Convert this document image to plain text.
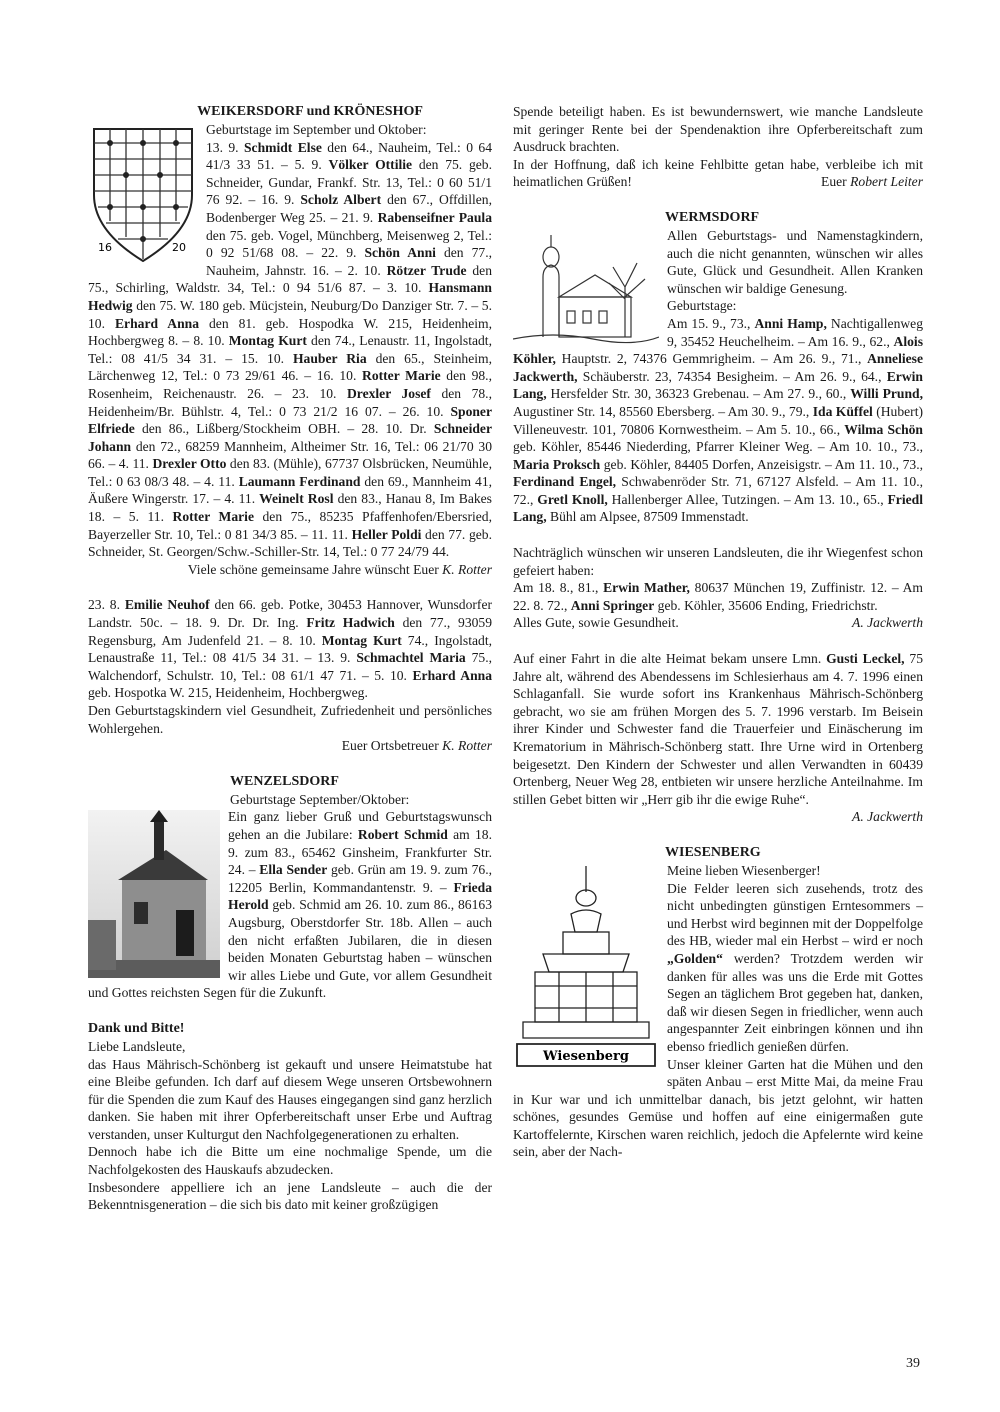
WEIKERSDORF und KRÖNESHOF
16	20

Geburtstage im September und Oktober:

13. 9. Schmidt Else den 64., Nauheim, Tel.: 0 64 41/3 33 51. – 5. 9. Völker Ottilie den 75. geb. Schneider, Gundar, Frankf. Str. 13, Tel.: 0 60 51/1 76 92. – 16. 9. Scholz Albert den 67., Offdillen, Bodenberger Weg 25. – 21. 9. Rabenseifner Paula den 75. geb. Vogel, Münchberg, Meisenweg 2, Tel.: 0 92 51/68 08. – 22. 9. Schön Anni den 77., Nauheim, Jahnstr. 16. – 2. 10. Rötzer Trude den 75., Schirling, Waldstr. 34, Tel.: 0 94 51/6 87. – 3. 10. Hansmann Hedwig den 75. W. 180 geb. Mücjstein, Neuburg/Do Danziger Str. 7. – 5. 10. Erhard Anna den 81. geb. Hospodka W. 215, Heidenheim, Hochbergweg 8. – 8. 10. Montag Kurt den 74., Lenaustr. 11, Ingolstadt, Tel.: 08 41/5 34 31. – 15. 10. Hauber Ria den 65., Steinheim, Lärchenweg 12, Tel.: 0 73 29/61 46. – 16. 10. Rotter Marie den 98., Rosenheim, Reichenaustr. 26. – 23. 10. Drexler Josef den 78., Heidenheim/Br. Bühlstr. 4, Tel.: 0 73 21/2 16 07. – 26. 10. Sponer Elfriede den 86., Lißberg/Stockheim OBH. – 28. 10. Dr. Schneider Johann den 72., 68259 Mannheim, Altheimer Str. 16, Tel.: 06 21/70 30 66. – 4. 11. Drexler Otto den 83. (Mühle), 67737 Olsbrücken, Neumühle, Tel.: 0 63 08/3 48. – 4. 11. Laumann Ferdinand den 69., Mannheim 41, Äußere Wingerstr. 17. – 4. 11. Weinelt Rosl den 83., Hanau 8, Im Bakes 18. – 5. 11. Rotter Marie den 75., 85235 Pfaffenhofen/Ebersried, Bayerzeller Str. 10, Tel.: 0 81 34/3 85. – 11. 11. Heller Poldi den 77. geb. Schneider, St. Georgen/Schw.-Schiller-Str. 14, Tel.: 0 77 24/79 44.

Viele schöne gemeinsame Jahre wünscht Euer K. Rotter

23. 8. Emilie Neuhof den 66. geb. Potke, 30453 Hannover, Wunsdorfer Landstr. 50c. – 18. 9. Dr. Dr. Ing. Fritz Hadwich den 77., 93059 Regensburg, Am Judenfeld 21. – 8. 10. Montag Kurt 74., Ingolstadt, Lenaustraße 11, Tel.: 08 41/5 34 31. – 13. 9. Schmachtel Maria 75., Walchendorf, Schulstr. 10, Tel.: 08 61/1 47 71. – 5. 10. Erhard Anna geb. Hospotka W. 215, Heidenheim, Hochbergweg.

Den Geburtstagskindern viel Gesundheit, Zufriedenheit und persönliches Wohlergehen.

Euer Ortsbetreuer K. Rotter

WENZELSDORF

Geburtstage September/Oktober:

Ein ganz lieber Gruß und Geburtstagswunsch gehen an die Jubilare: Robert Schmid am 18. 9. zum 83., 65462 Ginsheim, Frankfurter Str. 24. – Ella Sender geb. Grün am 19. 9. zum 76., 12205 Berlin, Kommandantenstr. 9. – Frieda Herold geb. Schmid am 26. 10. zum 86., 86163 Augsburg, Oberstdorfer Str. 18b. Allen – auch den nicht erfaßten Jubilaren, die in diesen beiden Monaten Geburtstag haben – wünschen wir alles Liebe und Gute, vor allem Gesundheit und Gottes reichsten Segen für die Zukunft.

Dank und Bitte!

Liebe Landsleute,

das Haus Mährisch-Schönberg ist gekauft und unsere Heimatstube hat eine Bleibe gefunden. Ich darf auf diesem Wege unseren Ortsbewohnern für die Spenden die zum Kauf des Hauses eingegangen sind ganz herzlich danken. Sie haben mit ihrer Opferbereitschaft unser Erbe und Auftrag verstanden, unser Kulturgut den Nachfolgegenerationen zu erhalten.

Dennoch habe ich die Bitte um eine nochmalige Spende, um die Nachfolgekosten des Hauskaufs abzudecken.

Insbesondere appelliere ich an jene Landsleute – auch die der Bekenntnisgeneration – die sich bis dato mit keiner großzügigen

Spende beteiligt haben. Es ist bewundernswert, wie manche Landsleute mit geringer Rente bei der Spendenaktion ihre Opferbereitschaft zum Ausdruck brachten.

In der Hoffnung, daß ich keine Fehlbitte getan habe, verbleibe ich mit heimatlichen Grüßen!	Euer Robert Leiter

WERMSDORF

Allen Geburtstags- und Namenstagkindern, auch die nicht genannten, wünschen wir alles Gute, Glück und Gesundheit. Allen Kranken wünschen wir baldige Genesung.

Geburtstage:

Am 15. 9., 73., Anni Hamp, Nachtigallenweg 9, 35452 Heuchelheim. – Am 16. 9., 62., Alois Köhler, Hauptstr. 2, 74376 Gemmrigheim. – Am 26. 9., 71., Anneliese Jackwerth, Schäuberstr. 23, 74354 Besigheim. – Am 26. 9., 64., Erwin Lang, Hersfelder Str. 30, 36323 Grebenau. – Am 27. 9., 60., Willi Prund, Augustiner Str. 14, 85560 Ebersberg. – Am 30. 9., 79., Ida Küffel (Hubert) Villeneuvestr. 101, 70806 Kornwestheim. – Am 5. 10., 66., Wilma Schön geb. Köhler, 85446 Niederding, Pfarrer Kleiner Weg. – Am 10. 10., 73., Maria Proksch geb. Köhler, 84405 Dorfen, Anzeisigstr. – Am 11. 10., 73., Ferdinand Engel, Schwabenröder Str. 71, 67127 Alsfeld. – Am 11. 10., 72., Gretl Knoll, Hallenberger Allee, Tutzingen. – Am 13. 10., 65., Friedl Lang, Bühl am Alpsee, 87509 Immenstadt.

Nachträglich wünschen wir unseren Landsleuten, die ihr Wiegenfest schon gefeiert haben:

Am 18. 8., 81., Erwin Mather, 80637 München 19, Zuffinistr. 12. – Am 22. 8. 72., Anni Springer geb. Köhler, 35606 Ending, Friedrichstr.

Alles Gute, sowie Gesundheit.	A. Jackwerth

Auf einer Fahrt in die alte Heimat bekam unsere Lmn. Gusti Leckel, 75 Jahre alt, während des Abendessens im Schlesierhaus am 4. 7. 1996 einen Schlaganfall. Sie wurde sofort ins Krankenhaus Mährisch-Schönberg gebracht, wo sie am frühen Morgen des 5. 7. 1996 verstarb. Im Beisein ihrer Kinder und Schwester fand die Trauerfeier und Einäscherung im Krematorium in Mährisch-Schönberg statt. Ihre Urne wird in Ortenberg beigesetzt. Den Kindern der Schwester und allen Verwandten in 60439 Ortenberg, Neuer Weg 28, entbieten wir unsere herzliche Anteilnahme. Im stillen Gebet bitten wir „Herr gib ihr die ewige Ruhe“.

A. Jackwerth

WIESENBERG
Wiesenberg

Meine lieben Wiesenberger!

Die Felder leeren sich zusehends, trotz des nicht unbedingten günstigen Erntesommers – und Herbst wird beginnen mit der Doppelfolge des HB, wieder mal ein Herbst – wird er noch „Golden“ werden? Trotzdem werden wir danken für alles was uns die Erde mit Gottes Segen an täglichem Brot gegeben hat, danken, daß wir diesen Segen in friedlicher, wenn auch angespannter Zeit einbringen können und ihn ebenso friedlich genießen dürfen.

Unser kleiner Garten hat die Mühen und den späten Anbau – erst Mitte Mai, da meine Frau in Kur war und ich unmittelbar danach, bis jetzt gelohnt, wir hatten schönes, gesundes Gemüse und hoffen auf eine einigermaßen gute Kartoffelernte, Kirschen waren reichlich, jedoch die Apfelernte wird keine sein, aber der Nach-

39
